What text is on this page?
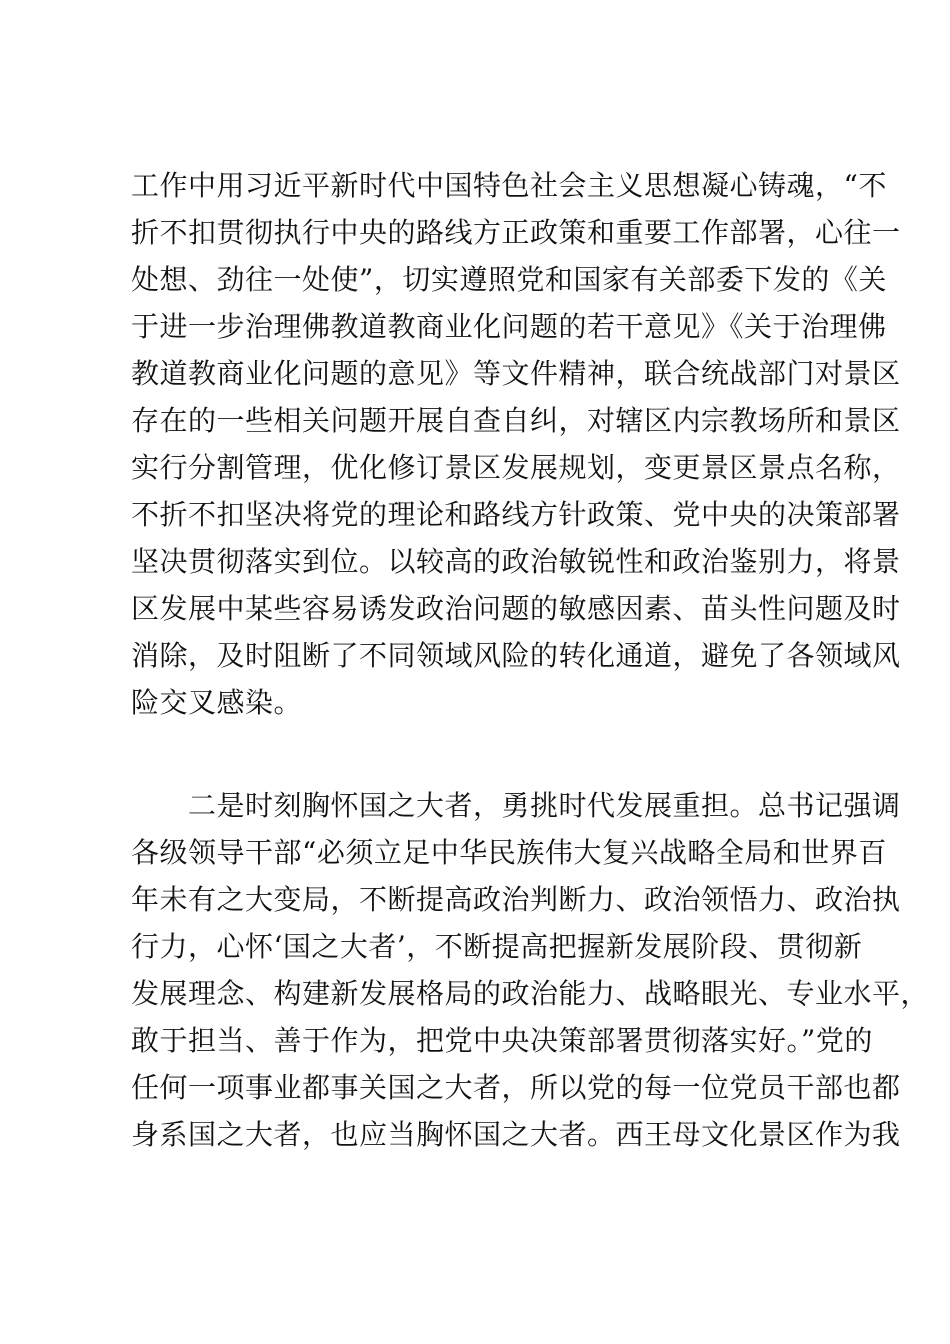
工作中用习近平新时代中国特色社会主义思想凝心铸魂，“不
折不扣贯彻执行中央的路线方正政策和重要工作部署，心往一
处想、劲往一处使”，切实遵照党和国家有关部委下发的《关
于进一步治理佛教道教商业化问题的若干意见》《关于治理佛
教道教商业化问题的意见》等文件精神，联合统战部门对景区
存在的一些相关问题开展自查自纠，对辖区内宗教场所和景区
实行分割管理，优化修订景区发展规划，变更景区景点名称，
不折不扣坚决将党的理论和路线方针政策、党中央的决策部署
坚决贯彻落实到位。以较高的政治敏锐性和政治鉴别力，将景
区发展中某些容易诱发政治问题的敏感因素、苗头性问题及时
消除，及时阻断了不同领域风险的转化通道，避免了各领域风
险交叉感染。
　　二是时刻胸怀国之大者，勇挑时代发展重担。总书记强调
各级领导干部“必须立足中华民族伟大复兴战略全局和世界百
年未有之大变局，不断提高政治判断力、政治领悟力、政治执
行力，心怀‘国之大者’，不断提高把握新发展阶段、贯彻新
发展理念、构建新发展格局的政治能力、战略眼光、专业水平，
敢于担当、善于作为，把党中央决策部署贯彻落实好。”党的
任何一项事业都事关国之大者，所以党的每一位党员干部也都
身系国之大者，也应当胸怀国之大者。西王母文化景区作为我
